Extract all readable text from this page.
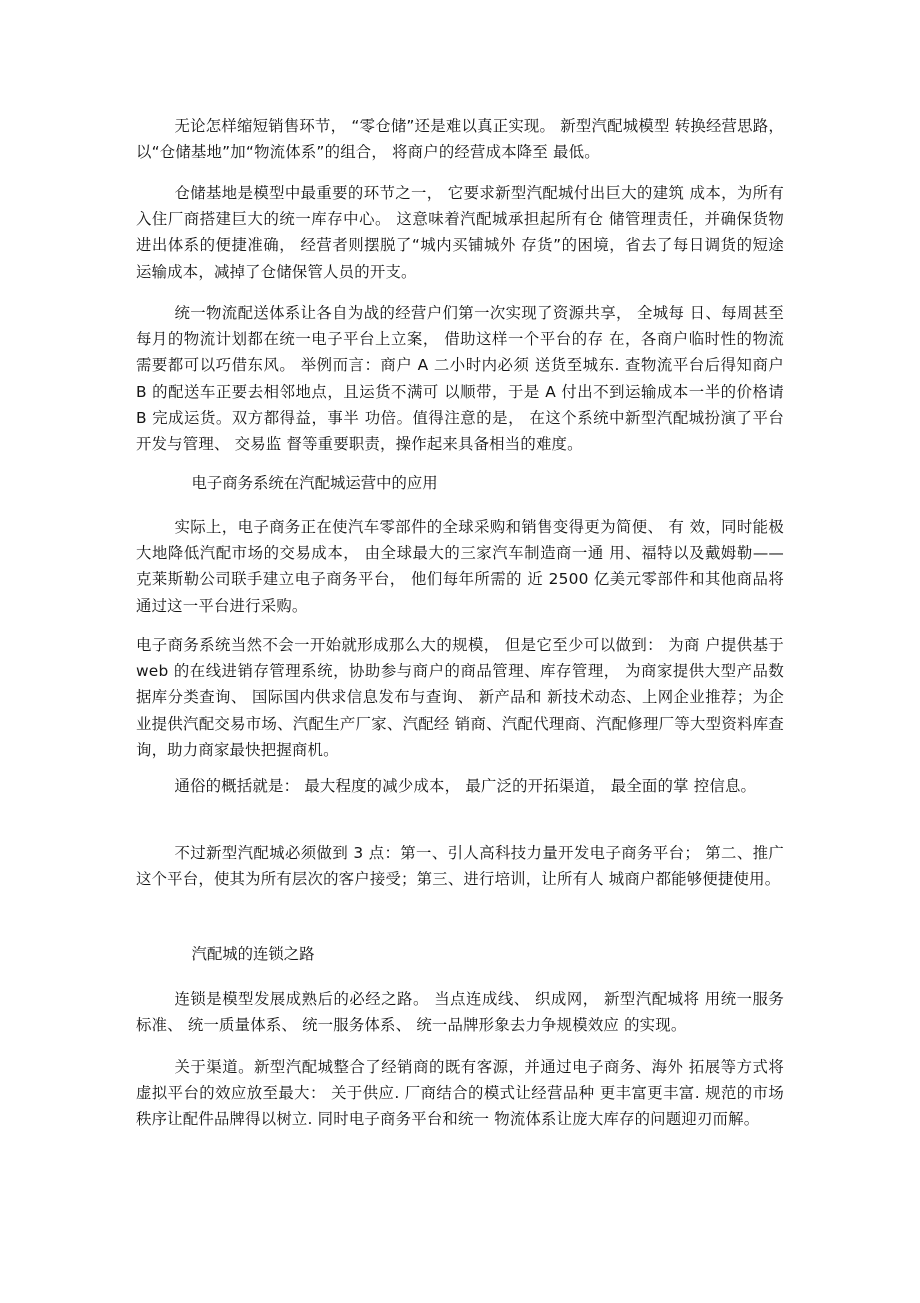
无论怎样缩短销售环节， “零仓储”还是难以真正实现。 新型汽配城模型 转换经营思路， 以“仓储基地”加“物流体系”的组合， 将商户的经营成本降至 最低。

仓储基地是模型中最重要的环节之一， 它要求新型汽配城付出巨大的建筑 成本，为所有入住厂商搭建巨大的统一库存中心。 这意味着汽配城承担起所有仓 储管理责任，并确保货物进出体系的便捷准确， 经营者则摆脱了“城内买铺城外 存货”的困境，省去了每日调货的短途运输成本，减掉了仓储保管人员的开支。

统一物流配送体系让各自为战的经营户们第一次实现了资源共享， 全城每 日、每周甚至每月的物流计划都在统一电子平台上立案， 借助这样一个平台的存 在，各商户临时性的物流需要都可以巧借东风。 举例而言：商户 A 二小时内必须 送货至城东. 查物流平台后得知商户 B 的配送车正要去相邻地点，且运货不满可 以顺带，于是 A 付出不到运输成本一半的价格请 B 完成运货。双方都得益，事半 功倍。值得注意的是， 在这个系统中新型汽配城扮演了平台开发与管理、 交易监 督等重要职责，操作起来具备相当的难度。

电子商务系统在汽配城运营中的应用

实际上，电子商务正在使汽车零部件的全球采购和销售变得更为简便、 有 效，同时能极大地降低汽配市场的交易成本， 由全球最大的三家汽车制造商一通 用、福特以及戴姆勒——克莱斯勒公司联手建立电子商务平台， 他们每年所需的 近 2500 亿美元零部件和其他商品将通过这一平台进行采购。

电子商务系统当然不会一开始就形成那么大的规模， 但是它至少可以做到： 为商 户提供基于 web 的在线进销存管理系统，协助参与商户的商品管理、库存管理， 为商家提供大型产品数据库分类查询、 国际国内供求信息发布与查询、 新产品和 新技术动态、上网企业推荐；为企业提供汽配交易市场、汽配生产厂家、汽配经 销商、汽配代理商、汽配修理厂等大型资料库查询，助力商家最快把握商机。

通俗的概括就是： 最大程度的减少成本， 最广泛的开拓渠道， 最全面的掌 控信息。

不过新型汽配城必须做到 3 点：第一、引人高科技力量开发电子商务平台； 第二、推广这个平台，使其为所有层次的客户接受；第三、进行培训，让所有人 城商户都能够便捷使用。

汽配城的连锁之路

连锁是模型发展成熟后的必经之路。 当点连成线、 织成网， 新型汽配城将 用统一服务标准、 统一质量体系、 统一服务体系、 统一品牌形象去力争规模效应 的实现。

关于渠道。新型汽配城整合了经销商的既有客源，并通过电子商务、海外 拓展等方式将虚拟平台的效应放至最大： 关于供应. 厂商结合的模式让经营品种 更丰富更丰富. 规范的市场秩序让配件品牌得以树立. 同时电子商务平台和统一 物流体系让庞大库存的问题迎刃而解。
